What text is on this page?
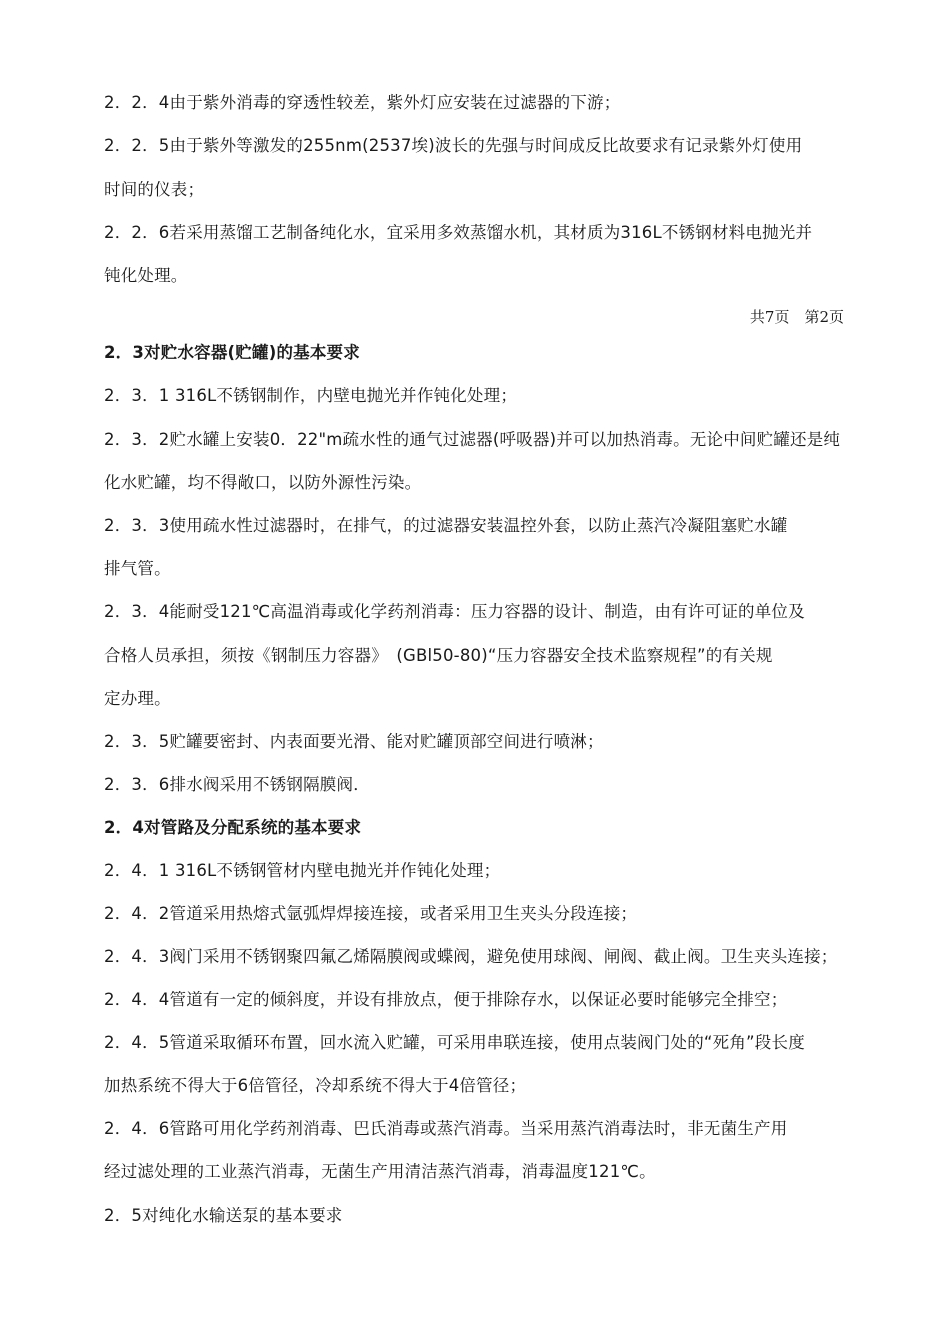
2．2．4由于紫外消毒的穿透性较差，紫外灯应安装在过滤器的下游；
2．2．5由于紫外等激发的255nm(2537埃)波长的先强与时间成反比故要求有记录紫外灯使用
时间的仪表；
2．2．6若采用蒸馏工艺制备纯化水，宜采用多效蒸馏水机，其材质为316L不锈钢材料电抛光并
钝化处理。
共7页　第2页
2．3对贮水容器(贮罐)的基本要求
2．3．1 316L不锈钢制作，内壁电抛光并作钝化处理；
2．3．2贮水罐上安装0．22"m疏水性的通气过滤器(呼吸器)并可以加热消毒。无论中间贮罐还是纯
化水贮罐，均不得敞口，以防外源性污染。
2．3．3使用疏水性过滤器时，在排气，的过滤器安装温控外套，以防止蒸汽冷凝阻塞贮水罐
排气管。
2．3．4能耐受121℃高温消毒或化学药剂消毒：压力容器的设计、制造，由有许可证的单位及
合格人员承担，须按《钢制压力容器》　(GBl50-80)“压力容器安全技术监察规程”的有关规
定办理。
2．3．5贮罐要密封、内表面要光滑、能对贮罐顶部空间进行喷淋；
2．3．6排水阀采用不锈钢隔膜阀．
2．4对管路及分配系统的基本要求
2．4．1 316L不锈钢管材内壁电抛光并作钝化处理；
2．4．2管道采用热熔式氩弧焊焊接连接，或者采用卫生夹头分段连接；
2．4．3阀门采用不锈钢聚四氟乙烯隔膜阀或蝶阀，避免使用球阀、闸阀、截止阀。卫生夹头连接；
2．4．4管道有一定的倾斜度，并设有排放点，便于排除存水，以保证必要时能够完全排空；
2．4．5管道采取循环布置，回水流入贮罐，可采用串联连接，使用点装阀门处的“死角”段长度
加热系统不得大于6倍管径，冷却系统不得大于4倍管径；
2．4．6管路可用化学药剂消毒、巴氏消毒或蒸汽消毒。当采用蒸汽消毒法时，非无菌生产用
经过滤处理的工业蒸汽消毒，无菌生产用清洁蒸汽消毒，消毒温度121℃。
2．5对纯化水输送泵的基本要求
